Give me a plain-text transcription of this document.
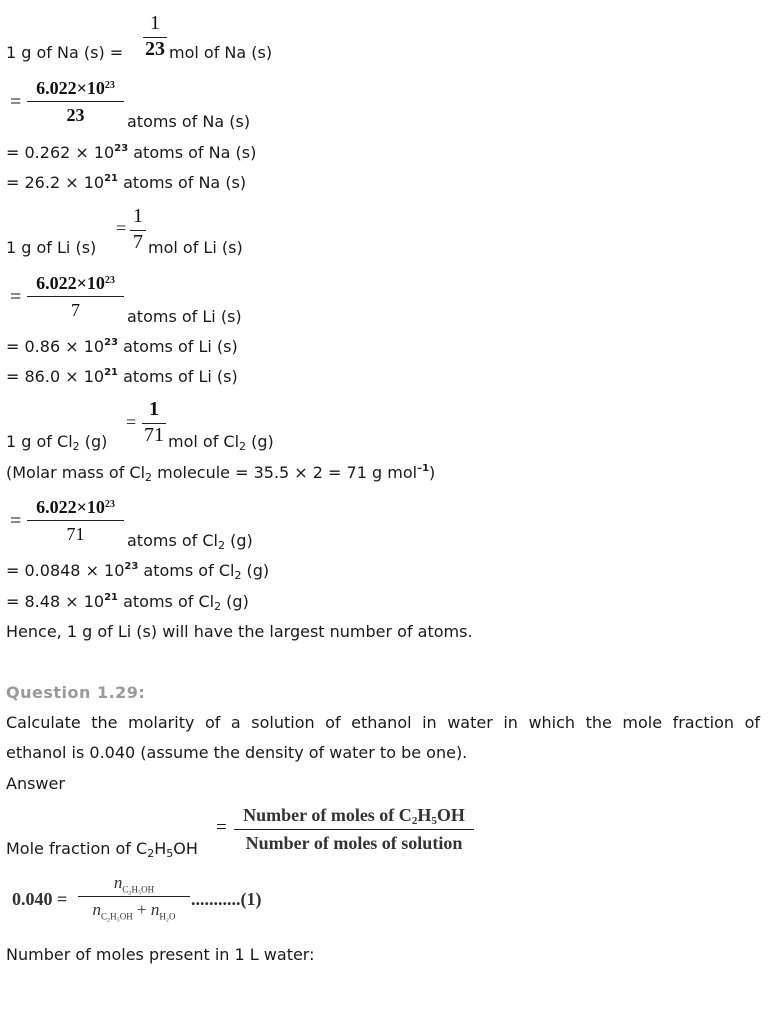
1 g of Na (s) =
1
23 mol of Na (s)
=
$6.022\times 10^{23}$
23	atoms of Na (s)
= $0.262 \times 10^{23}$ atoms of Na (s)
= $26.2 \times 10^{21}$ atoms of Na (s)
1 g of Li (s)
=
1
7 mol of Li (s)
=
$6.022\times 10^{23}$
7	atoms of Li (s)
= $0.86 \times 10^{23}$ atoms of Li (s)
= $86.0 \times 10^{21}$ atoms of Li (s)
1 g of $Cl_2$ (g)
=
1
71 mol of $Cl_2$ (g)
(Molar mass of $Cl_2$ molecule = 35.5 × 2 = 71 g mol$^{-1}$)
=
$6.022\times 10^{23}$
71	atoms of $Cl_2$ (g)
= $0.0848 \times 10^{23}$ atoms of $Cl_2$ (g)
= $8.48 \times 10^{21}$ atoms of $Cl_2$ (g)
Hence, 1 g of Li (s) will have the largest number of atoms.
Question 1.29:
Calculate the molarity of a solution of ethanol in water in which the mole fraction of
ethanol is 0.040 (assume the density of water to be one).
Answer
Mole fraction of $C_2H_5OH$
=
Number of moles of $C_2H_5OH$
Number of moles of solution
0.040 =
$n_{C_2H_5OH}$
$n_{C_2H_5OH} + n_{H_2O}$
...........(1)
Number of moles present in 1 L water:
